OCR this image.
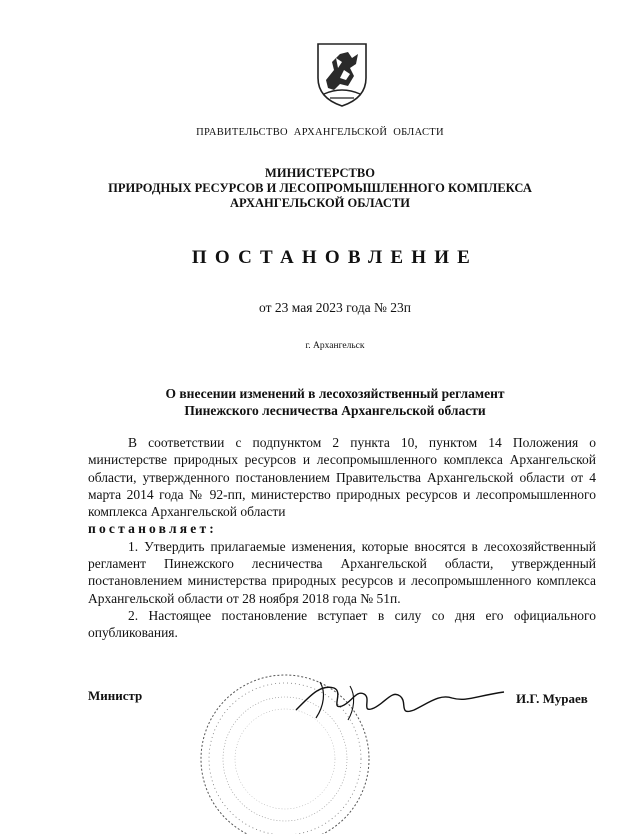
ПРАВИТЕЛЬСТВО АРХАНГЕЛЬСКОЙ ОБЛАСТИ
МИНИСТЕРСТВО
ПРИРОДНЫХ РЕСУРСОВ И ЛЕСОПРОМЫШЛЕННОГО КОМПЛЕКСА
АРХАНГЕЛЬСКОЙ ОБЛАСТИ
ПОСТАНОВЛЕНИЕ
от 23 мая 2023 года № 23п
г. Архангельск
О внесении изменений в лесохозяйственный регламент
Пинежского лесничества Архангельской области

В соответствии с подпунктом 2 пункта 10, пунктом 14 Положения о министерстве природных ресурсов и лесопромышленного комплекса Архангельской области, утвержденного постановлением Правительства Архангельской области от 4 марта 2014 года № 92-пп, министерство природных ресурсов и лесопромышленного комплекса Архангельской области
постановляет:

1. Утвердить прилагаемые изменения, которые вносятся в лесохозяйственный регламент Пинежского лесничества Архангельской области, утвержденный постановлением министерства природных ресурсов и лесопромышленного комплекса Архангельской области от 28 ноября 2018 года № 51п.

2. Настоящее постановление вступает в силу со дня его официального опубликования.

Министр	И.Г. Мураев
